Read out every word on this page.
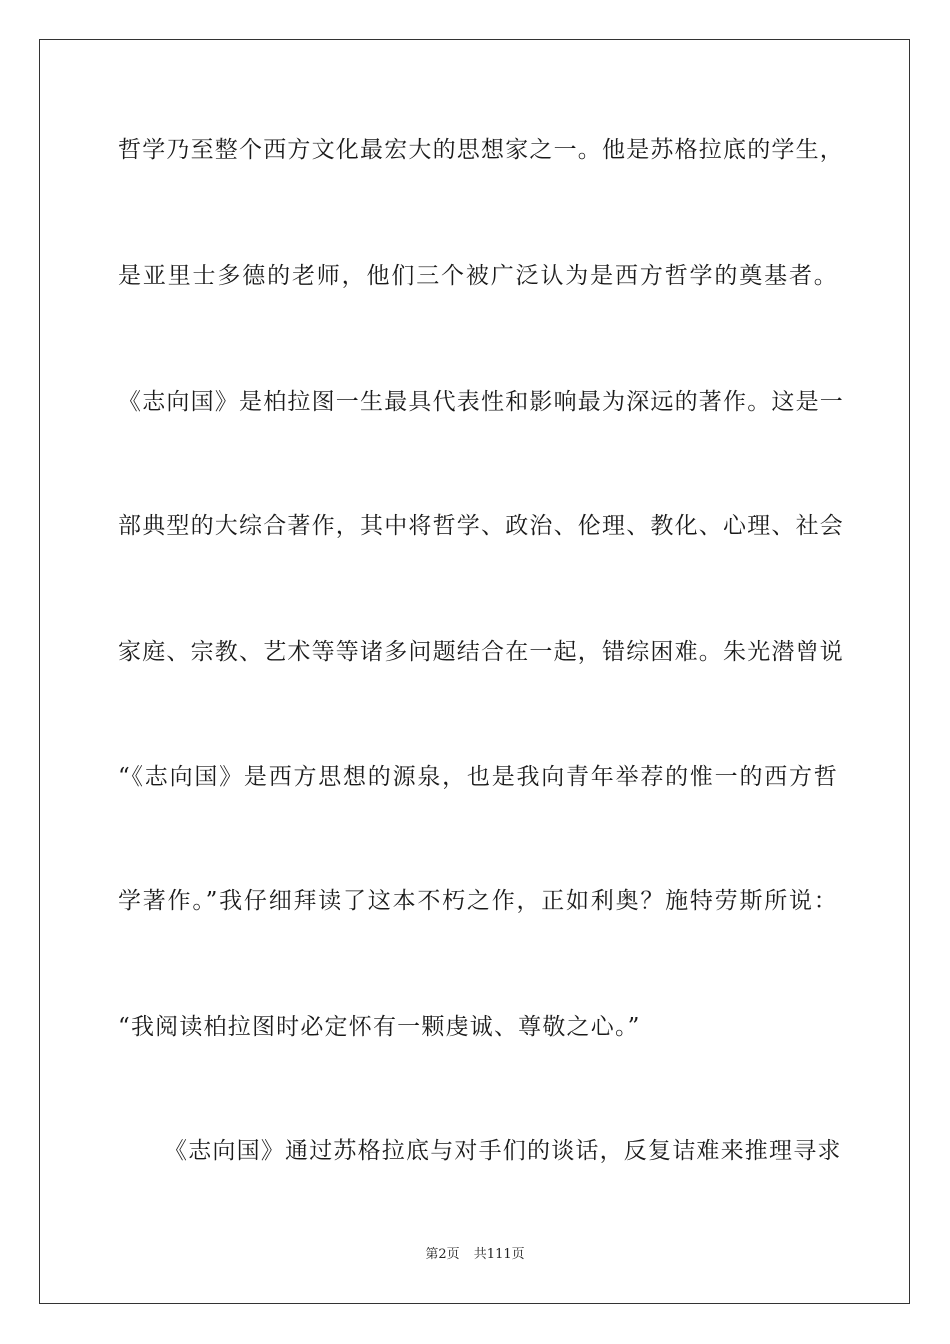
哲学乃至整个西方文化最宏大的思想家之一。他是苏格拉底的学生，
是亚里士多德的老师，他们三个被广泛认为是西方哲学的奠基者。
《志向国》是柏拉图一生最具代表性和影响最为深远的著作。这是一
部典型的大综合著作，其中将哲学、政治、伦理、教化、心理、社会
家庭、宗教、艺术等等诸多问题结合在一起，错综困难。朱光潜曾说
“《志向国》是西方思想的源泉，也是我向青年举荐的惟一的西方哲
学著作。”我仔细拜读了这本不朽之作，正如利奥？施特劳斯所说：
“我阅读柏拉图时必定怀有一颗虔诚、尊敬之心。”
《志向国》通过苏格拉底与对手们的谈话，反复诘难来推理寻求
第2页 共111页
